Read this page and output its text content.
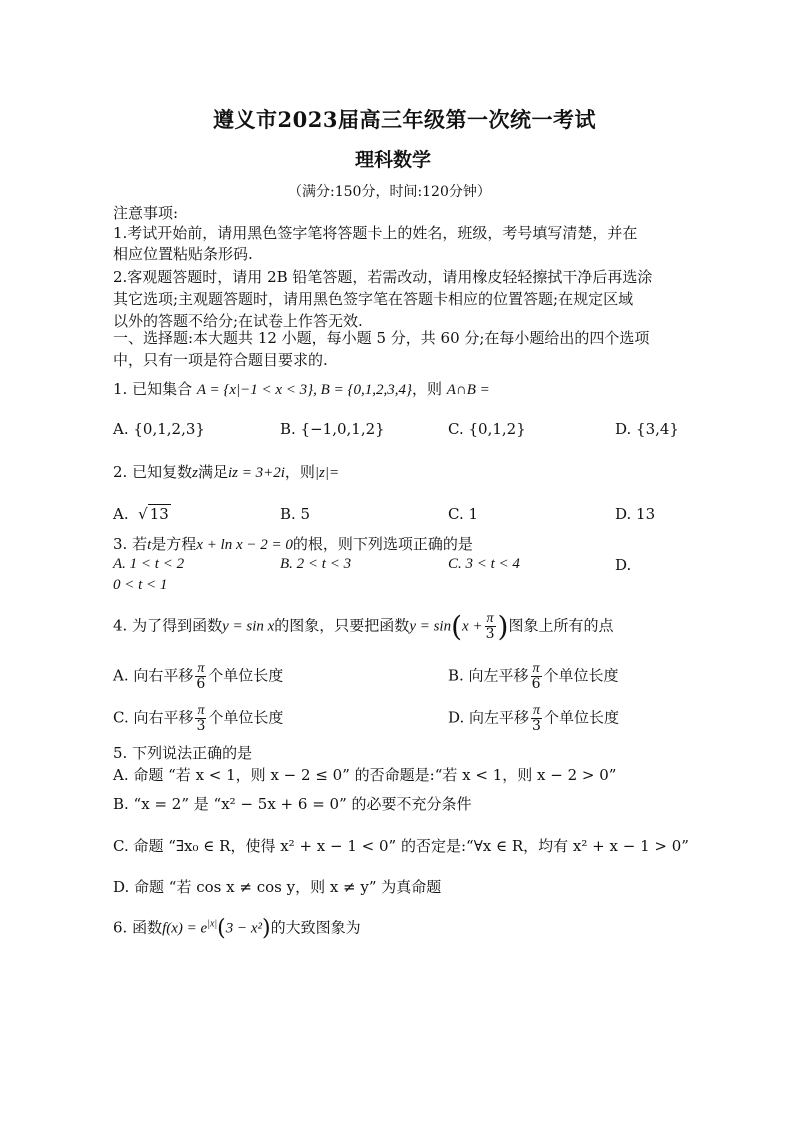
遵义市2023届高三年级第一次统一考试
理科数学
（满分:150分，时间:120分钟）
注意事项:
1.考试开始前，请用黑色签字笔将答题卡上的姓名，班级，考号填写清楚，并在
相应位置粘贴条形码.
2.客观题答题时，请用 2B 铅笔答题，若需改动，请用橡皮轻轻擦拭干净后再选涂
其它选项;主观题答题时，请用黑色签字笔在答题卡相应的位置答题;在规定区域
以外的答题不给分;在试卷上作答无效.
一、选择题:本大题共 12 小题，每小题 5 分，共 60 分;在每小题给出的四个选项
中，只有一项是符合题目要求的.
1. 已知集合 A = {x|−1 < x < 3}, B = {0,1,2,3,4}，则 A∩B =
A. {0,1,2,3}	B. {−1,0,1,2}	C. {0,1,2}	D. {3,4}
2. 已知复数z满足iz = 3+2i，则|z|=
A. √ 13	B. 5	C. 1	D. 13
3. 若t是方程x + ln x − 2 = 0的根，则下列选项正确的是
A. 1 < t < 2	B. 2 < t < 3	C. 3 < t < 4	D.
0 < t < 1
4. 为了得到函数y = sin x的图象，只要把函数$y = \sin(x + \frac{\pi}{3}$ )图象上所有的点
A. 向右平移 $\frac{\pi}{6}$ 个单位长度	B. 向左平移 $\frac{\pi}{6}$ 个单位长度
C. 向右平移 $\frac{\pi}{3}$ 个单位长度	D. 向左平移 $\frac{\pi}{3}$ 个单位长度
5. 下列说法正确的是
A. 命题 “若 x < 1，则 x − 2 ≤ 0” 的否命题是:“若 x < 1，则 x − 2 > 0”
B. “x = 2” 是 “x² − 5x + 6 = 0” 的必要不充分条件
C. 命题 “∃x₀ ∈ R，使得 x² + x − 1 < 0” 的否定是:“∀x ∈ R，均有 x² + x − 1 > 0”
D. 命题 “若 cos x ≠ cos y，则 x ≠ y” 为真命题
6. 函数$f(x) = e^{|x|}(3 - x^2)$的大致图象为
